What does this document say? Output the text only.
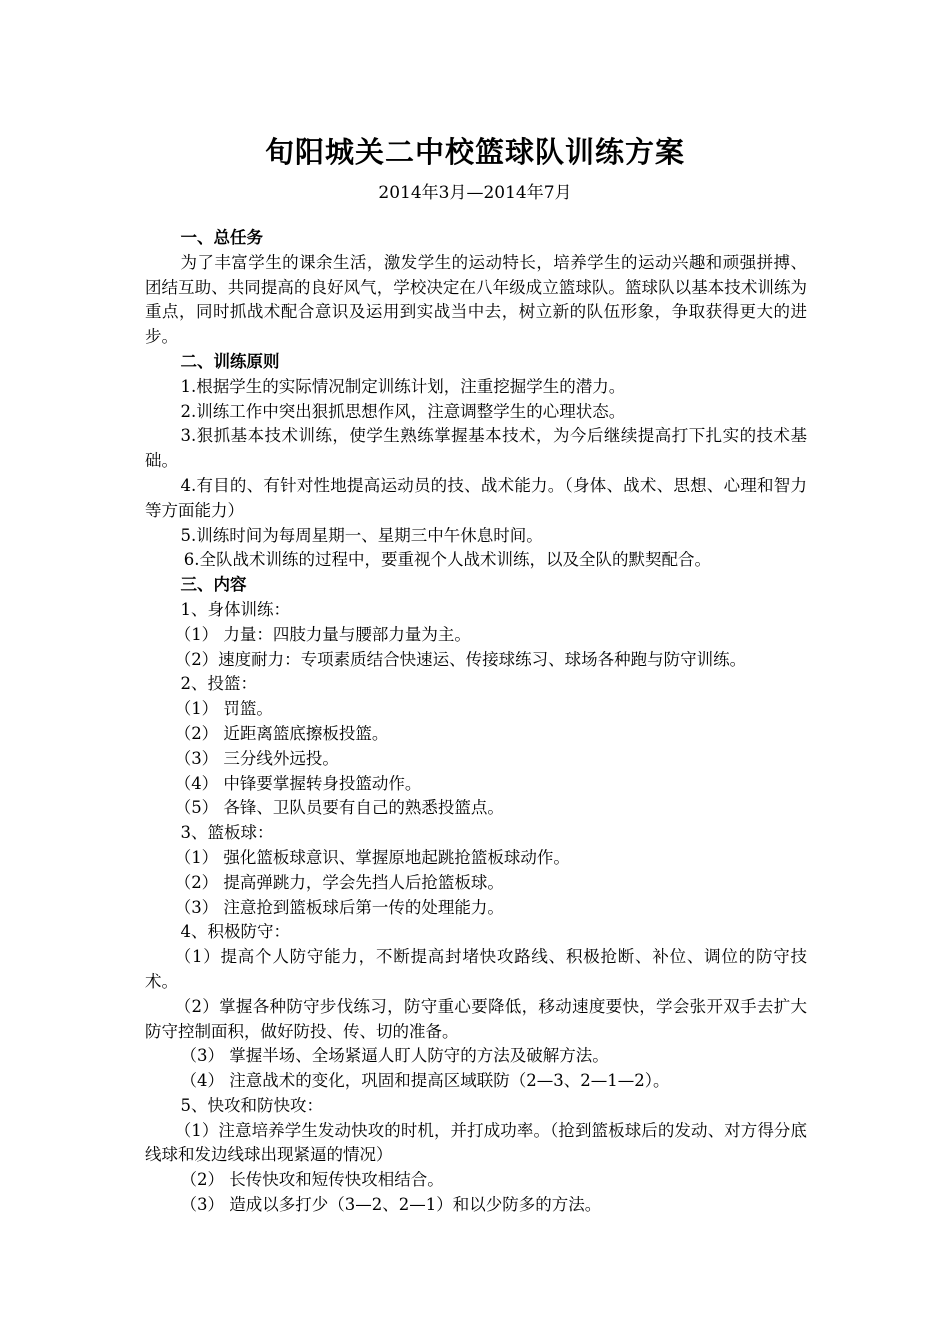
旬阳城关二中校篮球队训练方案
2014年3月—2014年7月

一、总任务

为了丰富学生的课余生活，激发学生的运动特长，培养学生的运动兴趣和顽强拼搏、团结互助、共同提高的良好风气，学校决定在八年级成立篮球队。篮球队以基本技术训练为重点，同时抓战术配合意识及运用到实战当中去，树立新的队伍形象，争取获得更大的进步。

二、训练原则

1.根据学生的实际情况制定训练计划，注重挖掘学生的潜力。

2.训练工作中突出狠抓思想作风，注意调整学生的心理状态。

3.狠抓基本技术训练，使学生熟练掌握基本技术，为今后继续提高打下扎实的技术基础。

4.有目的、有针对性地提高运动员的技、战术能力。（身体、战术、思想、心理和智力等方面能力）

5.训练时间为每周星期一、星期三中午休息时间。

6.全队战术训练的过程中，要重视个人战术训练，以及全队的默契配合。

三、内容

1、身体训练：

（1） 力量：四肢力量与腰部力量为主。

（2）速度耐力：专项素质结合快速运、传接球练习、球场各种跑与防守训练。

2、投篮：

（1） 罚篮。

（2） 近距离篮底擦板投篮。

（3） 三分线外远投。

（4） 中锋要掌握转身投篮动作。

（5） 各锋、卫队员要有自己的熟悉投篮点。

3、篮板球：

（1） 强化篮板球意识、掌握原地起跳抢篮板球动作。

（2） 提高弹跳力，学会先挡人后抢篮板球。

（3） 注意抢到篮板球后第一传的处理能力。

4、积极防守：

（1）提高个人防守能力，不断提高封堵快攻路线、积极抢断、补位、调位的防守技术。

（2）掌握各种防守步伐练习，防守重心要降低，移动速度要快，学会张开双手去扩大防守控制面积，做好防投、传、切的准备。

（3） 掌握半场、全场紧逼人盯人防守的方法及破解方法。

（4） 注意战术的变化，巩固和提高区域联防（2—3、2—1—2）。

5、快攻和防快攻：

（1）注意培养学生发动快攻的时机，并打成功率。（抢到篮板球后的发动、对方得分底线球和发边线球出现紧逼的情况）

（2） 长传快攻和短传快攻相结合。

（3） 造成以多打少（3—2、2—1）和以少防多的方法。
